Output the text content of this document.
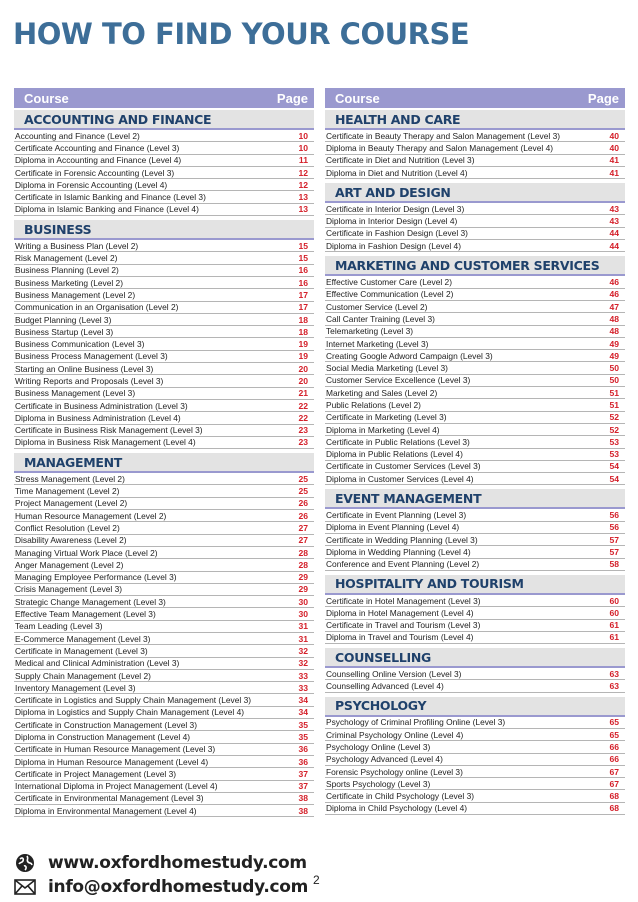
HOW TO FIND YOUR COURSE
Course	Page
ACCOUNTING AND FINANCE
Accounting and Finance (Level 2)	10
Certificate Accounting and Finance (Level 3)	10
Diploma in Accounting and Finance (Level 4)	11
Certificate in Forensic Accounting (Level 3)	12
Diploma in Forensic Accounting (Level 4)	12
Certificate in Islamic Banking and Finance (Level 3)	13
Diploma in Islamic Banking and Finance (Level 4)	13
BUSINESS
Writing a Business Plan (Level 2)	15
Risk Management (Level 2)	15
Business Planning (Level 2)	16
Business Marketing (Level 2)	16
Business Management (Level 2)	17
Communication in an Organisation (Level 2)	17
Budget Planning (Level 3)	18
Business Startup (Level 3)	18
Business Communication (Level 3)	19
Business Process Management (Level 3)	19
Starting an Online Business (Level 3)	20
Writing Reports and Proposals (Level 3)	20
Business Management (Level 3)	21
Certificate in Business Administration (Level 3)	22
Diploma in Business Administration (Level 4)	22
Certificate in Business Risk Management (Level 3)	23
Diploma in Business Risk Management (Level 4)	23
MANAGEMENT
Stress Management (Level 2)	25
Time Management (Level 2)	25
Project Management (Level 2)	26
Human Resource Management (Level 2)	26
Conflict Resolution (Level 2)	27
Disability Awareness (Level 2)	27
Managing Virtual Work Place (Level 2)	28
Anger Management (Level 2)	28
Managing Employee Performance (Level 3)	29
Crisis Management (Level 3)	29
Strategic Change Management (Level 3)	30
Effective Team Management (Level 3)	30
Team Leading (Level 3)	31
E-Commerce Management (Level 3)	31
Certificate in Management (Level 3)	32
Medical and Clinical Administration (Level 3)	32
Supply Chain Management (Level 2)	33
Inventory Management (Level 3)	33
Certificate in Logistics and Supply Chain Management (Level 3)	34
Diploma in Logistics and Supply Chain Management (Level 4)	34
Certificate in Construction Management (Level 3)	35
Diploma in Construction Management (Level 4)	35
Certificate in Human Resource Management (Level 3)	36
Diploma in Human Resource Management (Level 4)	36
Certificate in Project Management (Level 3)	37
International Diploma in Project Management (Level 4)	37
Certificate in Environmental Management (Level 3)	38
Diploma in Environmental Management (Level 4)	38
Course	Page
HEALTH AND CARE
Certificate in Beauty Therapy and Salon Management (Level 3)	40
Diploma in Beauty Therapy and Salon Management (Level 4)	40
Certificate in Diet and Nutrition (Level 3)	41
Diploma in Diet and Nutrition (Level 4)	41
ART AND DESIGN
Certificate in Interior Design (Level 3)	43
Diploma in Interior Design (Level 4)	43
Certificate in Fashion Design (Level 3)	44
Diploma in Fashion Design (Level 4)	44
MARKETING AND CUSTOMER SERVICES
Effective Customer Care (Level 2)	46
Effective Communication (Level 2)	46
Customer Service (Level 2)	47
Call Canter Training (Level 3)	48
Telemarketing (Level 3)	48
Internet Marketing (Level 3)	49
Creating Google Adword Campaign (Level 3)	49
Social Media Marketing (Level 3)	50
Customer Service Excellence (Level 3)	50
Marketing and Sales (Level 2)	51
Public Relations (Level 2)	51
Certificate in Marketing (Level 3)	52
Diploma in Marketing (Level 4)	52
Certificate in Public Relations (Level 3)	53
Diploma in Public Relations (Level 4)	53
Certificate in Customer Services (Level 3)	54
Diploma in Customer Services (Level 4)	54
EVENT MANAGEMENT
Certificate in Event Planning (Level 3)	56
Diploma in Event Planning (Level 4)	56
Certificate in Wedding Planning (Level 3)	57
Diploma in Wedding Planning (Level 4)	57
Conference and Event Planning (Level 2)	58
HOSPITALITY AND TOURISM
Certificate in Hotel Management (Level 3)	60
Diploma in Hotel Management (Level 4)	60
Certificate in Travel and Tourism (Level 3)	61
Diploma in Travel and Tourism (Level 4)	61
COUNSELLING
Counselling Online Version (Level 3)	63
Counselling Advanced (Level 4)	63
PSYCHOLOGY
Psychology of Criminal Profiling Online (Level 3)	65
Criminal Psychology Online (Level 4)	65
Psychology Online (Level 3)	66
Psychology Advanced (Level 4)	66
Forensic Psychology online (Level 3)	67
Sports Psychology (Level 3)	67
Certificate in Child Psychology (Level 3)	68
Diploma in Child Psychology (Level 4)	68
www.oxfordhomestudy.com
info@oxfordhomestudy.com 2
